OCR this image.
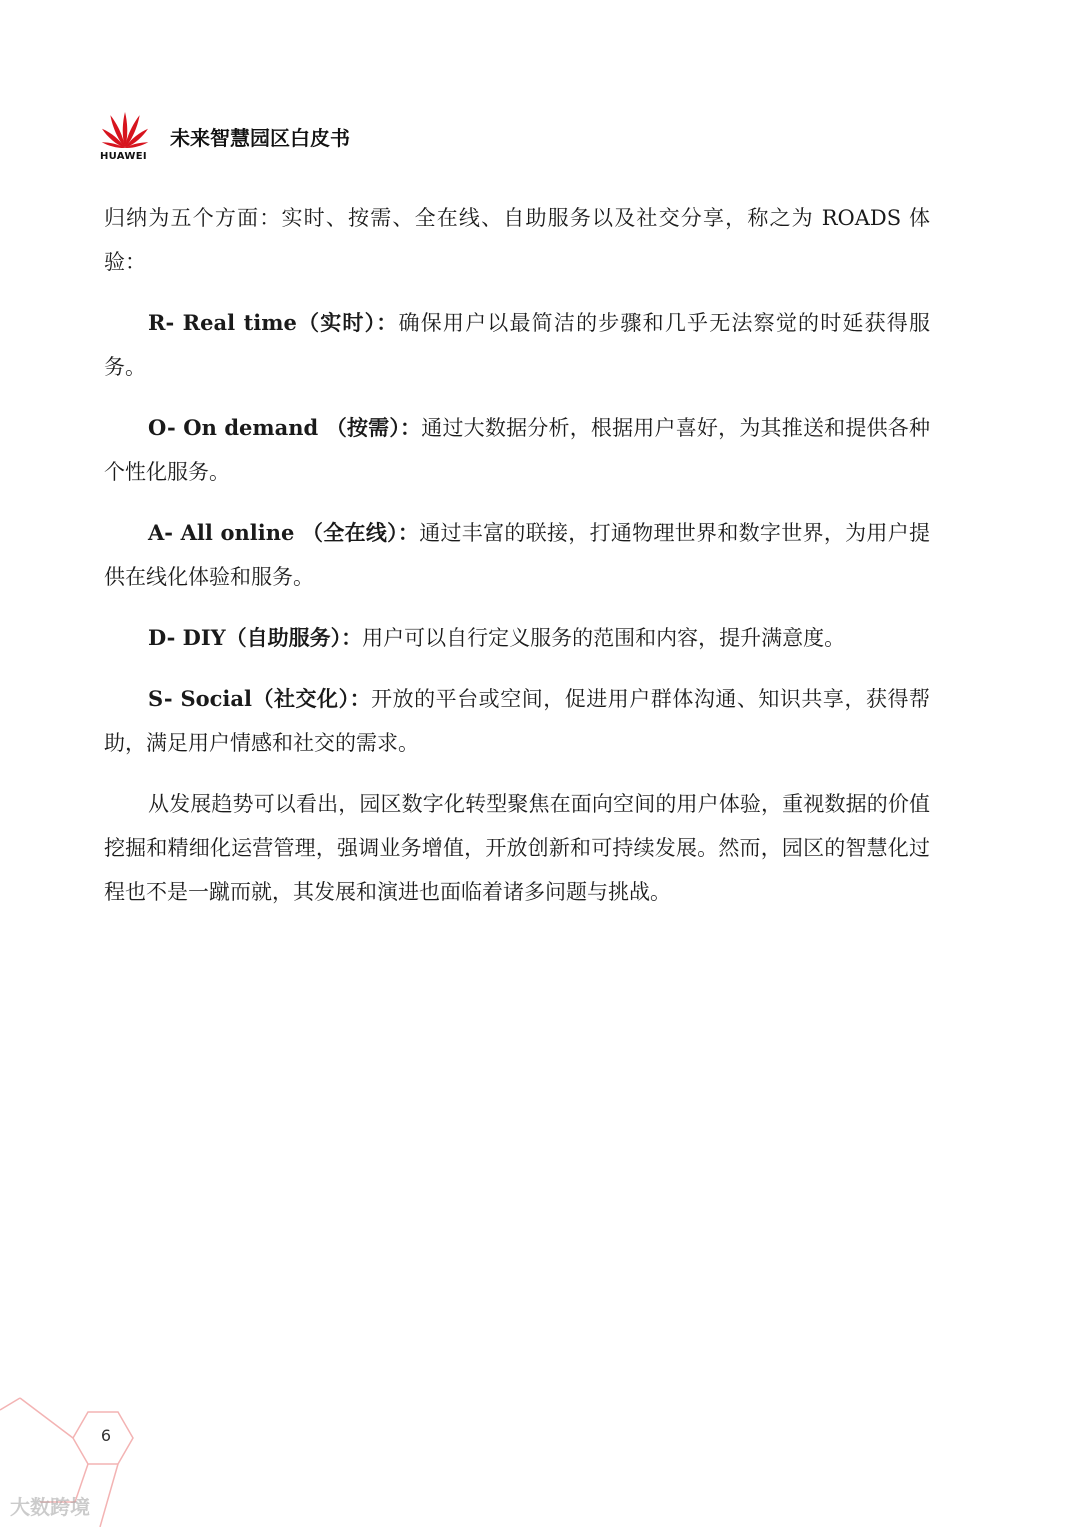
HUAWEI
未来智慧园区白皮书

归纳为五个方面：实时、按需、全在线、自助服务以及社交分享，称之为 ROADS 体验：

R- Real time（实时）：确保用户以最简洁的步骤和几乎无法察觉的时延获得服务。

O- On demand （按需）：通过大数据分析，根据用户喜好，为其推送和提供各种个性化服务。

A- All online （全在线）：通过丰富的联接，打通物理世界和数字世界，为用户提供在线化体验和服务。

D- DIY（自助服务）：用户可以自行定义服务的范围和内容，提升满意度。

S- Social（社交化）：开放的平台或空间，促进用户群体沟通、知识共享，获得帮助，满足用户情感和社交的需求。

从发展趋势可以看出，园区数字化转型聚焦在面向空间的用户体验，重视数据的价值挖掘和精细化运营管理，强调业务增值，开放创新和可持续发展。然而，园区的智慧化过程也不是一蹴而就，其发展和演进也面临着诸多问题与挑战。

6
大数跨境
